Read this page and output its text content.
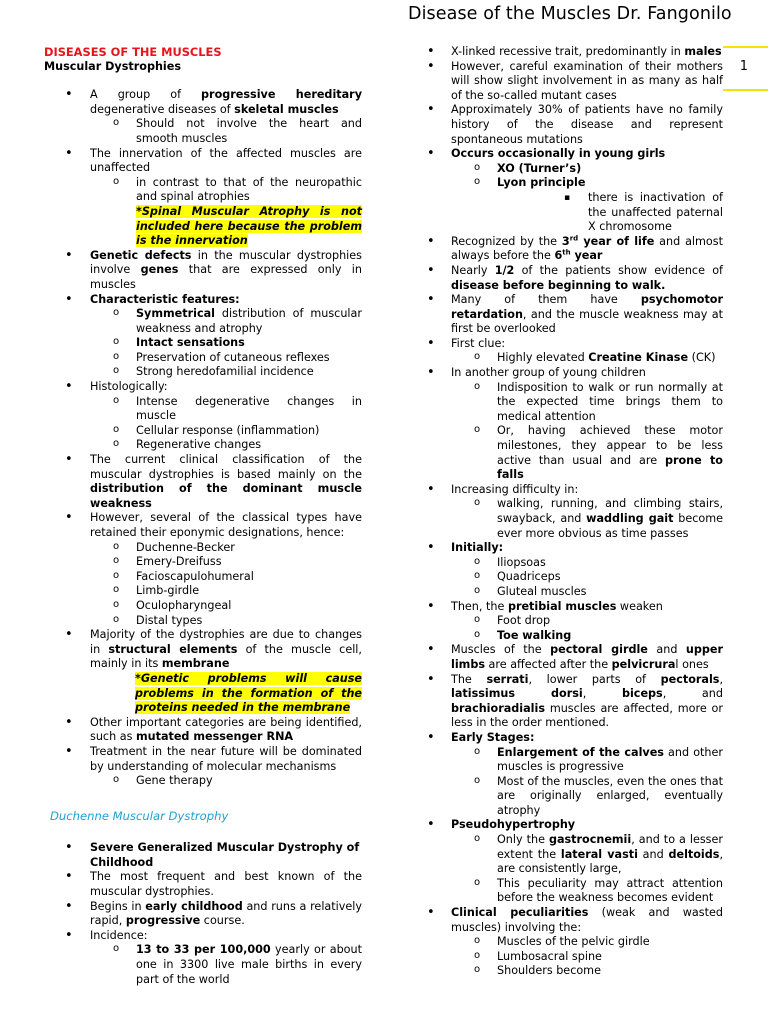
Disease of the Muscles Dr. Fangonilo
1

DISEASES OF THE MUSCLES

Muscular Dystrophies

• A group of progressive hereditary degenerative diseases of skeletal muscles
o Should not involve the heart and smooth muscles
• The innervation of the affected muscles are unaffected
o in contrast to that of the neuropathic and spinal atrophies
*Spinal Muscular Atrophy is not included here because the problem is the innervation
• Genetic defects in the muscular dystrophies involve genes that are expressed only in muscles
• Characteristic features:
o Symmetrical distribution of muscular weakness and atrophy
o Intact sensations
o Preservation of cutaneous reflexes
o Strong heredofamilial incidence
• Histologically:
o Intense degenerative changes in muscle
o Cellular response (inflammation)
o Regenerative changes
• The current clinical classification of the muscular dystrophies is based mainly on the distribution of the dominant muscle weakness
• However, several of the classical types have retained their eponymic designations, hence:
o Duchenne-Becker
o Emery-Dreifuss
o Facioscapulohumeral
o Limb-girdle
o Oculopharyngeal
o Distal types
• Majority of the dystrophies are due to changes in structural elements of the muscle cell, mainly in its membrane
*Genetic problems will cause problems in the formation of the proteins needed in the membrane
• Other important categories are being identified, such as mutated messenger RNA
• Treatment in the near future will be dominated by understanding of molecular mechanisms
o Gene therapy

Duchenne Muscular Dystrophy

• Severe Generalized Muscular Dystrophy of
Childhood
• The most frequent and best known of the muscular dystrophies.
• Begins in early childhood and runs a relatively rapid, progressive course.
• Incidence:
o 13 to 33 per 100,000 yearly or about one in 3300 live male births in every part of the world
• X-linked recessive trait, predominantly in males
• However, careful examination of their mothers will show slight involvement in as many as half of the so-called mutant cases
• Approximately 30% of patients have no family history of the disease and represent spontaneous mutations
• Occurs occasionally in young girls
o XO (Turner’s)
o Lyon principle
▪ there is inactivation of the unaffected paternal X chromosome
• Recognized by the 3rd year of life and almost always before the 6th year
• Nearly 1/2 of the patients show evidence of disease before beginning to walk.
• Many of them have psychomotor retardation, and the muscle weakness may at first be overlooked
• First clue:
o Highly elevated Creatine Kinase (CK)
• In another group of young children
o Indisposition to walk or run normally at the expected time brings them to medical attention
o Or, having achieved these motor milestones, they appear to be less active than usual and are prone to falls
• Increasing difficulty in:
o walking, running, and climbing stairs, swayback, and waddling gait become ever more obvious as time passes
• Initially:
o Iliopsoas
o Quadriceps
o Gluteal muscles
• Then, the pretibial muscles weaken
o Foot drop
o Toe walking
• Muscles of the pectoral girdle and upper limbs are affected after the pelvicrural ones
• The serrati, lower parts of pectorals, latissimus dorsi, biceps, and brachioradialis muscles are affected, more or less in the order mentioned.
• Early Stages:
o Enlargement of the calves and other muscles is progressive
o Most of the muscles, even the ones that are originally enlarged, eventually atrophy
• Pseudohypertrophy
o Only the gastrocnemii, and to a lesser extent the lateral vasti and deltoids, are consistently large,
o This peculiarity may attract attention before the weakness becomes evident
• Clinical peculiarities (weak and wasted muscles) involving the:
o Muscles of the pelvic girdle
o Lumbosacral spine
o Shoulders become
